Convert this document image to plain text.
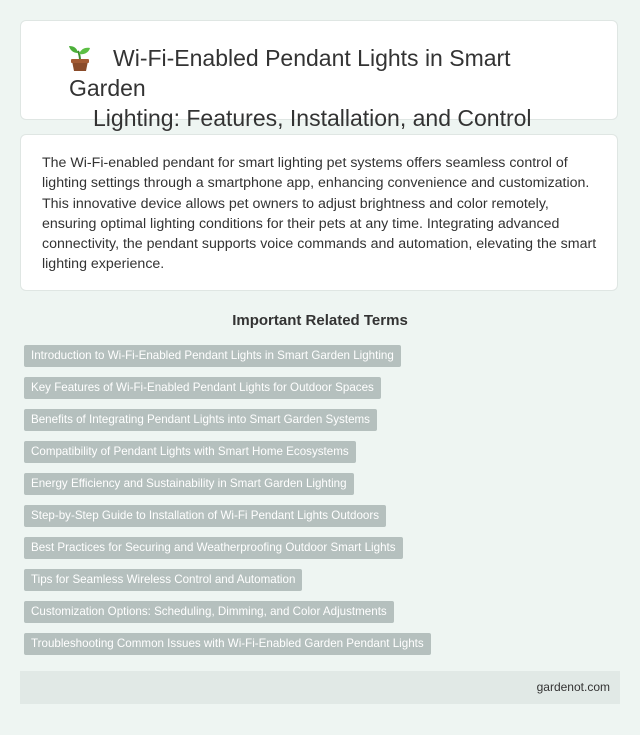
Wi-Fi-Enabled Pendant Lights in Smart Garden
Lighting: Features, Installation, and Control

The Wi-Fi-enabled pendant for smart lighting pet systems offers seamless control of lighting settings through a smartphone app, enhancing convenience and customization. This innovative device allows pet owners to adjust brightness and color remotely, ensuring optimal lighting conditions for their pets at any time. Integrating advanced connectivity, the pendant supports voice commands and automation, elevating the smart lighting experience.

Important Related Terms
Introduction to Wi-Fi-Enabled Pendant Lights in Smart Garden Lighting
Key Features of Wi-Fi-Enabled Pendant Lights for Outdoor Spaces
Benefits of Integrating Pendant Lights into Smart Garden Systems
Compatibility of Pendant Lights with Smart Home Ecosystems
Energy Efficiency and Sustainability in Smart Garden Lighting
Step-by-Step Guide to Installation of Wi-Fi Pendant Lights Outdoors
Best Practices for Securing and Weatherproofing Outdoor Smart Lights
Tips for Seamless Wireless Control and Automation
Customization Options: Scheduling, Dimming, and Color Adjustments
Troubleshooting Common Issues with Wi-Fi-Enabled Garden Pendant Lights
gardenot.com
